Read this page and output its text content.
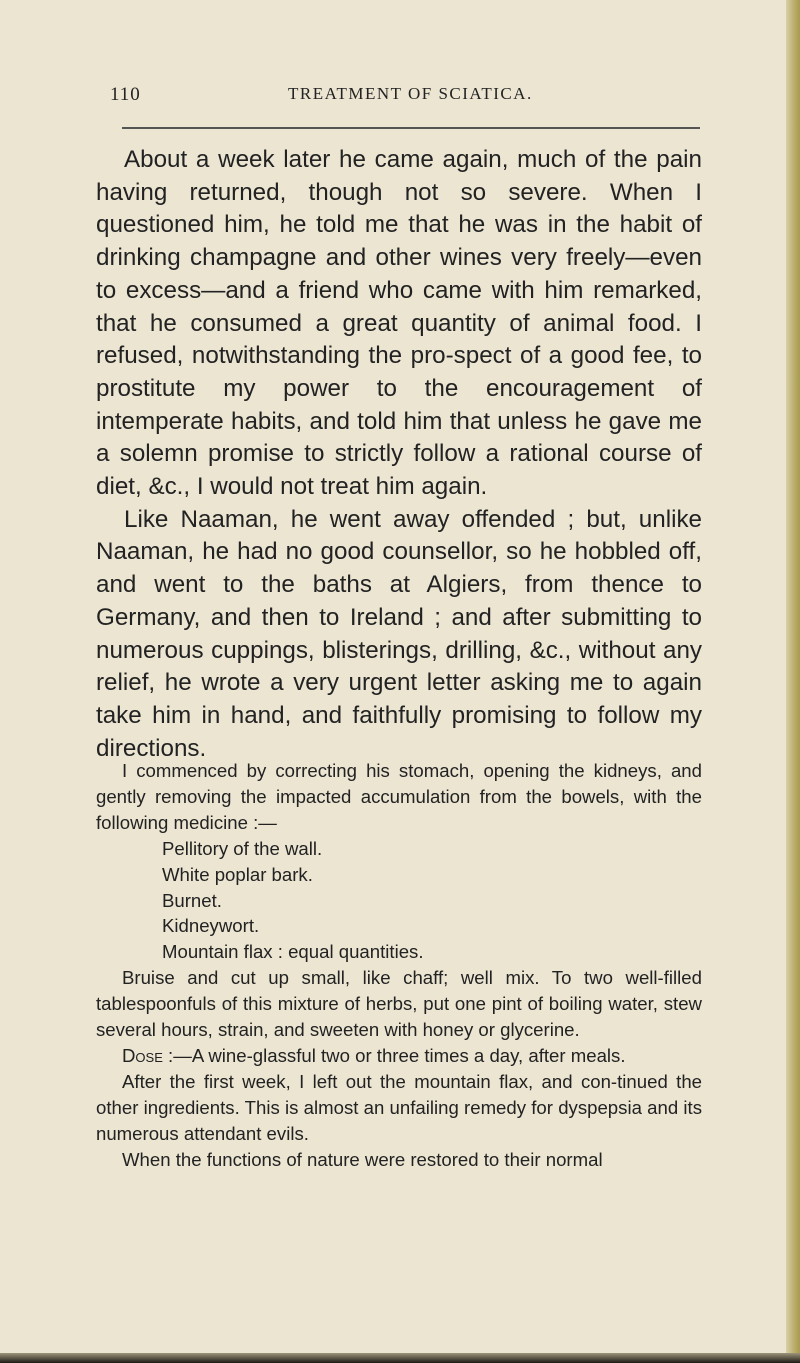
110	TREATMENT OF SCIATICA.

About a week later he came again, much of the pain having returned, though not so severe. When I questioned him, he told me that he was in the habit of drinking champagne and other wines very freely—even to excess—and a friend who came with him remarked, that he consumed a great quantity of animal food. I refused, notwithstanding the pro-spect of a good fee, to prostitute my power to the encouragement of intemperate habits, and told him that unless he gave me a solemn promise to strictly follow a rational course of diet, &c., I would not treat him again.

Like Naaman, he went away offended ; but, unlike Naaman, he had no good counsellor, so he hobbled off, and went to the baths at Algiers, from thence to Germany, and then to Ireland ; and after submitting to numerous cuppings, blisterings, drilling, &c., without any relief, he wrote a very urgent letter asking me to again take him in hand, and faithfully promising to follow my directions.

I commenced by correcting his stomach, opening the kidneys, and gently removing the impacted accumulation from the bowels, with the following medicine :—

Pellitory of the wall.
White poplar bark.
Burnet.
Kidneywort.
Mountain flax : equal quantities.

Bruise and cut up small, like chaff; well mix. To two well-filled tablespoonfuls of this mixture of herbs, put one pint of boiling water, stew several hours, strain, and sweeten with honey or glycerine.

Dose :—A wine-glassful two or three times a day, after meals.

After the first week, I left out the mountain flax, and con-tinued the other ingredients. This is almost an unfailing remedy for dyspepsia and its numerous attendant evils.

When the functions of nature were restored to their normal
